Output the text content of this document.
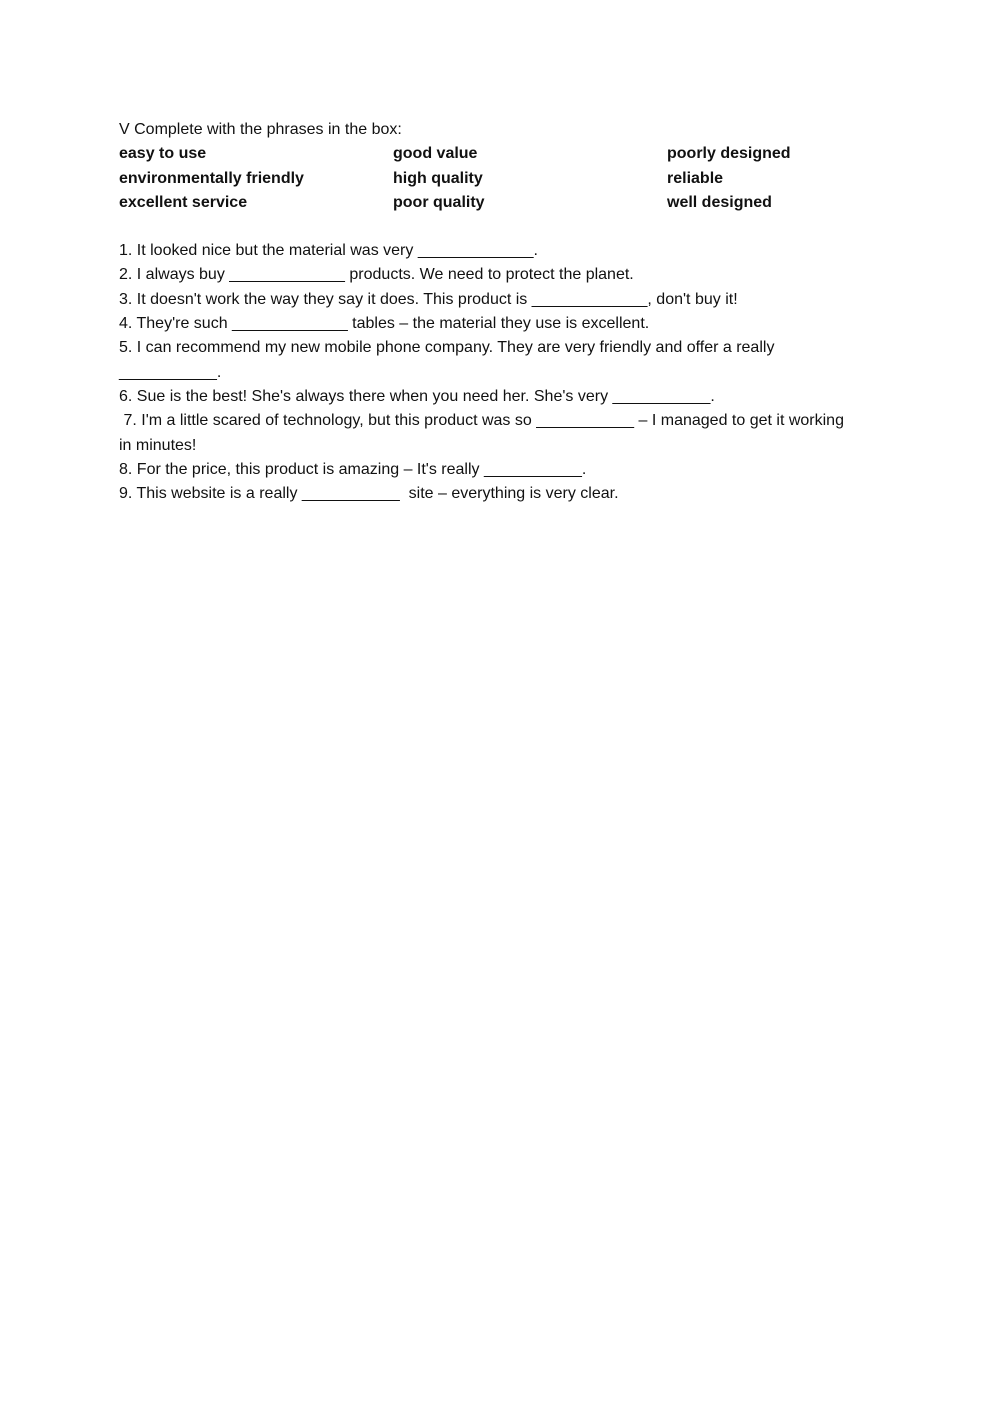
V Complete with the phrases in the box:

easy to use	good value	poorly designed
environmentally friendly	high quality	reliable
excellent service	poor quality	well designed

1. It looked nice but the material was very _____________.

2. I always buy _____________ products. We need to protect the planet.

3. It doesn't work the way they say it does. This product is _____________, don't buy it!

4. They're such _____________ tables – the material they use is excellent.

5. I can recommend my new mobile phone company. They are very friendly and offer a really ___________.

6. Sue is the best! She's always there when you need her. She's very ___________.

7. I'm a little scared of technology, but this product was so ___________ – I managed to get it working in minutes!

8. For the price, this product is amazing – It's really ___________.

9. This website is a really ___________  site – everything is very clear.
